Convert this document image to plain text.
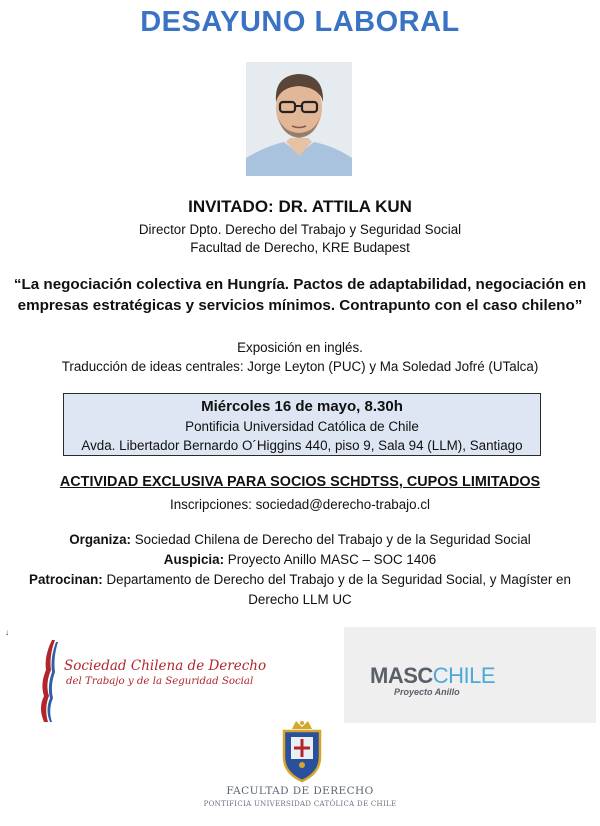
DESAYUNO LABORAL
INVITADO: DR. ATTILA KUN
Director Dpto. Derecho del Trabajo y Seguridad Social
Facultad de Derecho, KRE Budapest
“La negociación colectiva en Hungría. Pactos de adaptabilidad, negociación en
empresas estratégicas y servicios mínimos. Contrapunto con el caso chileno”
Exposición en inglés.
Traducción de ideas centrales: Jorge Leyton (PUC) y Ma Soledad Jofré (UTalca)
Miércoles 16 de mayo, 8.30h
Pontificia Universidad Católica de Chile
Avda. Libertador Bernardo O´Higgins 440, piso 9, Sala 94 (LLM), Santiago
ACTIVIDAD EXCLUSIVA PARA SOCIOS SCHDTSS, CUPOS LIMITADOS
Inscripciones: sociedad@derecho-trabajo.cl
Organiza: Sociedad Chilena de Derecho del Trabajo y de la Seguridad Social
Auspicia: Proyecto Anillo MASC – SOC 1406
Patrocinan: Departamento de Derecho del Trabajo y de la Seguridad Social, y Magíster en
Derecho LLM UC
↓
Sociedad Chilena de Derecho
del Trabajo y de la Seguridad Social	MASCCHILE
Proyecto Anillo
FACULTAD DE DERECHO
PONTIFICIA UNIVERSIDAD CATÓLICA DE CHILE
